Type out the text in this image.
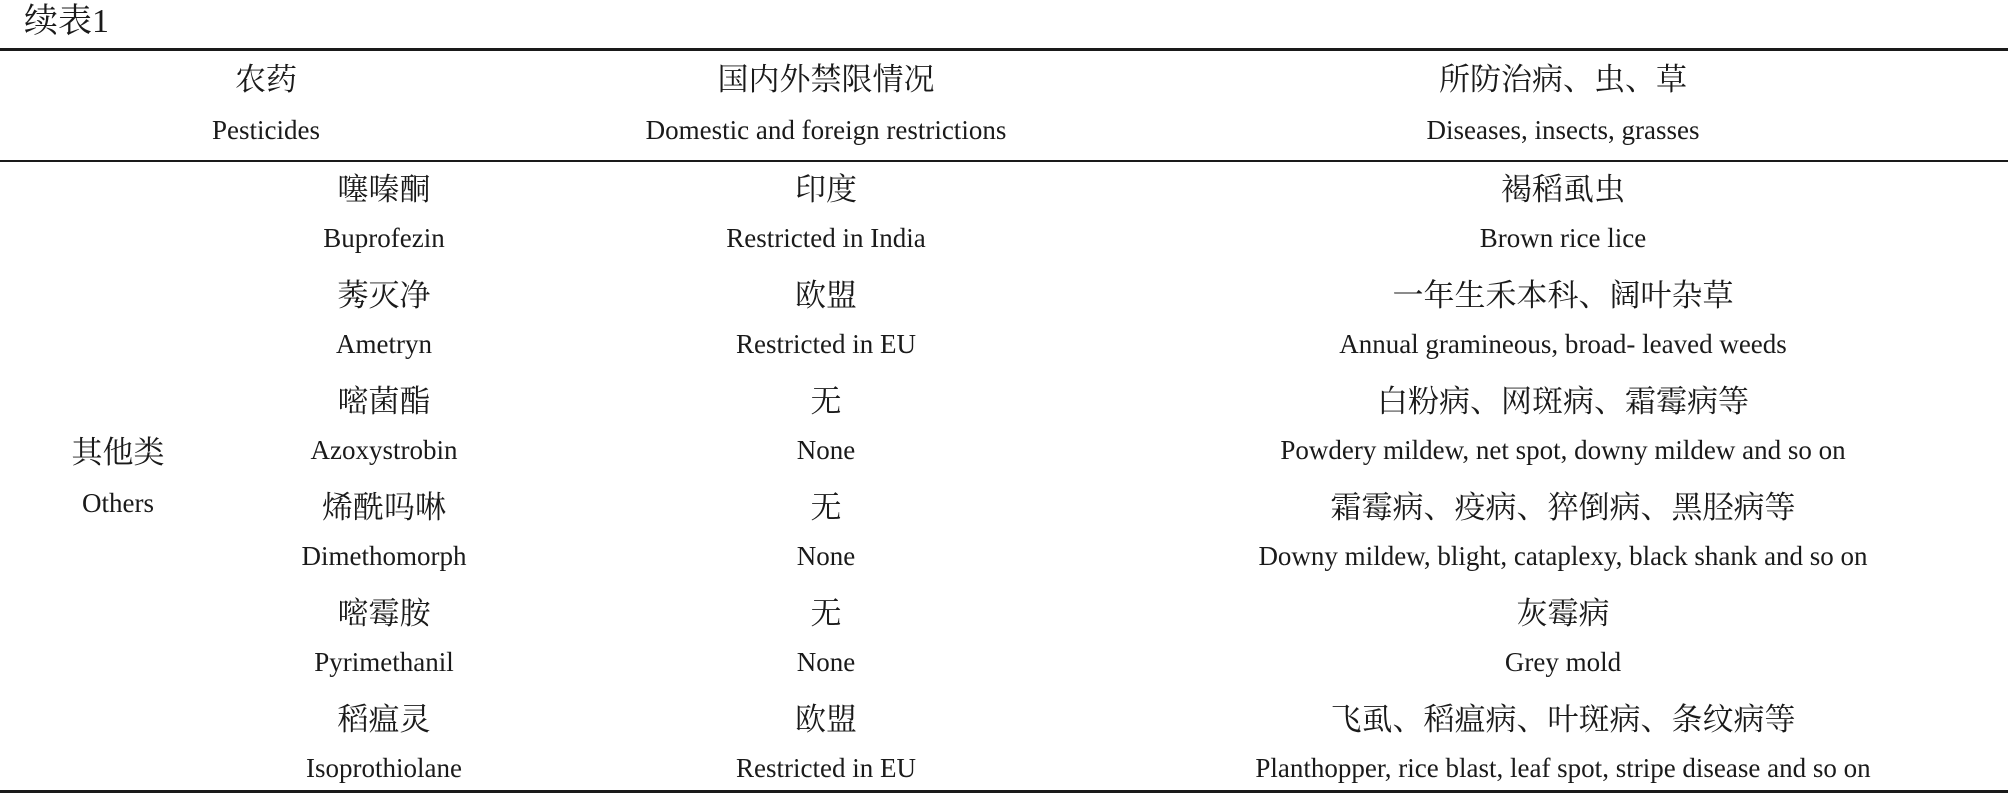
续表1
农药
Pesticides
国内外禁限情况
Domestic and foreign restrictions
所防治病、虫、草
Diseases, insects, grasses
其他类
Others
噻嗪酮
Buprofezin
印度
Restricted in India
褐稻虱虫
Brown rice lice
莠灭净
Ametryn
欧盟
Restricted in EU
一年生禾本科、阔叶杂草
Annual gramineous, broad- leaved weeds
嘧菌酯
Azoxystrobin
无
None
白粉病、网斑病、霜霉病等
Powdery mildew, net spot, downy mildew and so on
烯酰吗啉
Dimethomorph
无
None
霜霉病、疫病、猝倒病、黑胫病等
Downy mildew, blight, cataplexy, black shank and so on
嘧霉胺
Pyrimethanil
无
None
灰霉病
Grey mold
稻瘟灵
Isoprothiolane
欧盟
Restricted in EU
飞虱、稻瘟病、叶斑病、条纹病等
Planthopper, rice blast, leaf spot, stripe disease and so on
